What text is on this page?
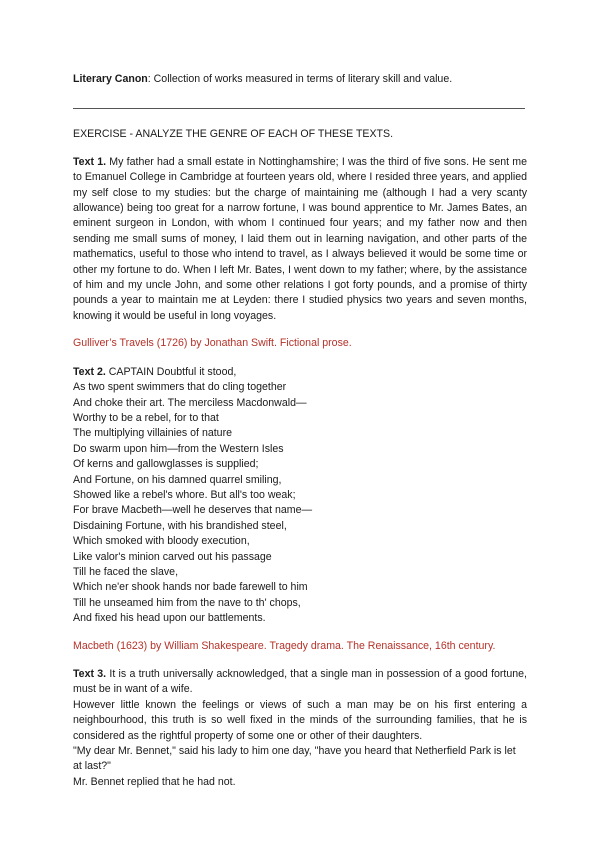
Literary Canon: Collection of works measured in terms of literary skill and value.

EXERCISE - ANALYZE THE GENRE OF EACH OF THESE TEXTS.

Text 1. My father had a small estate in Nottinghamshire; I was the third of five sons. He sent me to Emanuel College in Cambridge at fourteen years old, where I resided three years, and applied my self close to my studies: but the charge of maintaining me (although I had a very scanty allowance) being too great for a narrow fortune, I was bound apprentice to Mr. James Bates, an eminent surgeon in London, with whom I continued four years; and my father now and then sending me small sums of money, I laid them out in learning navigation, and other parts of the mathematics, useful to those who intend to travel, as I always believed it would be some time or other my fortune to do. When I left Mr. Bates, I went down to my father; where, by the assistance of him and my uncle John, and some other relations I got forty pounds, and a promise of thirty pounds a year to maintain me at Leyden: there I studied physics two years and seven months, knowing it would be useful in long voyages.

Gulliver’s Travels (1726) by Jonathan Swift. Fictional prose.

Text 2. CAPTAIN Doubtful it stood,
As two spent swimmers that do cling together
And choke their art. The merciless Macdonwald—
Worthy to be a rebel, for to that
The multiplying villainies of nature
Do swarm upon him—from the Western Isles
Of kerns and gallowglasses is supplied;
And Fortune, on his damned quarrel smiling,
Showed like a rebel's whore. But all's too weak;
For brave Macbeth—well he deserves that name—
Disdaining Fortune, with his brandished steel,
Which smoked with bloody execution,
Like valor's minion carved out his passage
Till he faced the slave,
Which ne'er shook hands nor bade farewell to him
Till he unseamed him from the nave to th' chops,
And fixed his head upon our battlements.

Macbeth (1623) by William Shakespeare. Tragedy drama. The Renaissance, 16th century.

Text 3. It is a truth universally acknowledged, that a single man in possession of a good fortune, must be in want of a wife.

However little known the feelings or views of such a man may be on his first entering a neighbourhood, this truth is so well fixed in the minds of the surrounding families, that he is considered as the rightful property of some one or other of their daughters.

"My dear Mr. Bennet," said his lady to him one day, "have you heard that Netherfield Park is let at last?"

Mr. Bennet replied that he had not.
